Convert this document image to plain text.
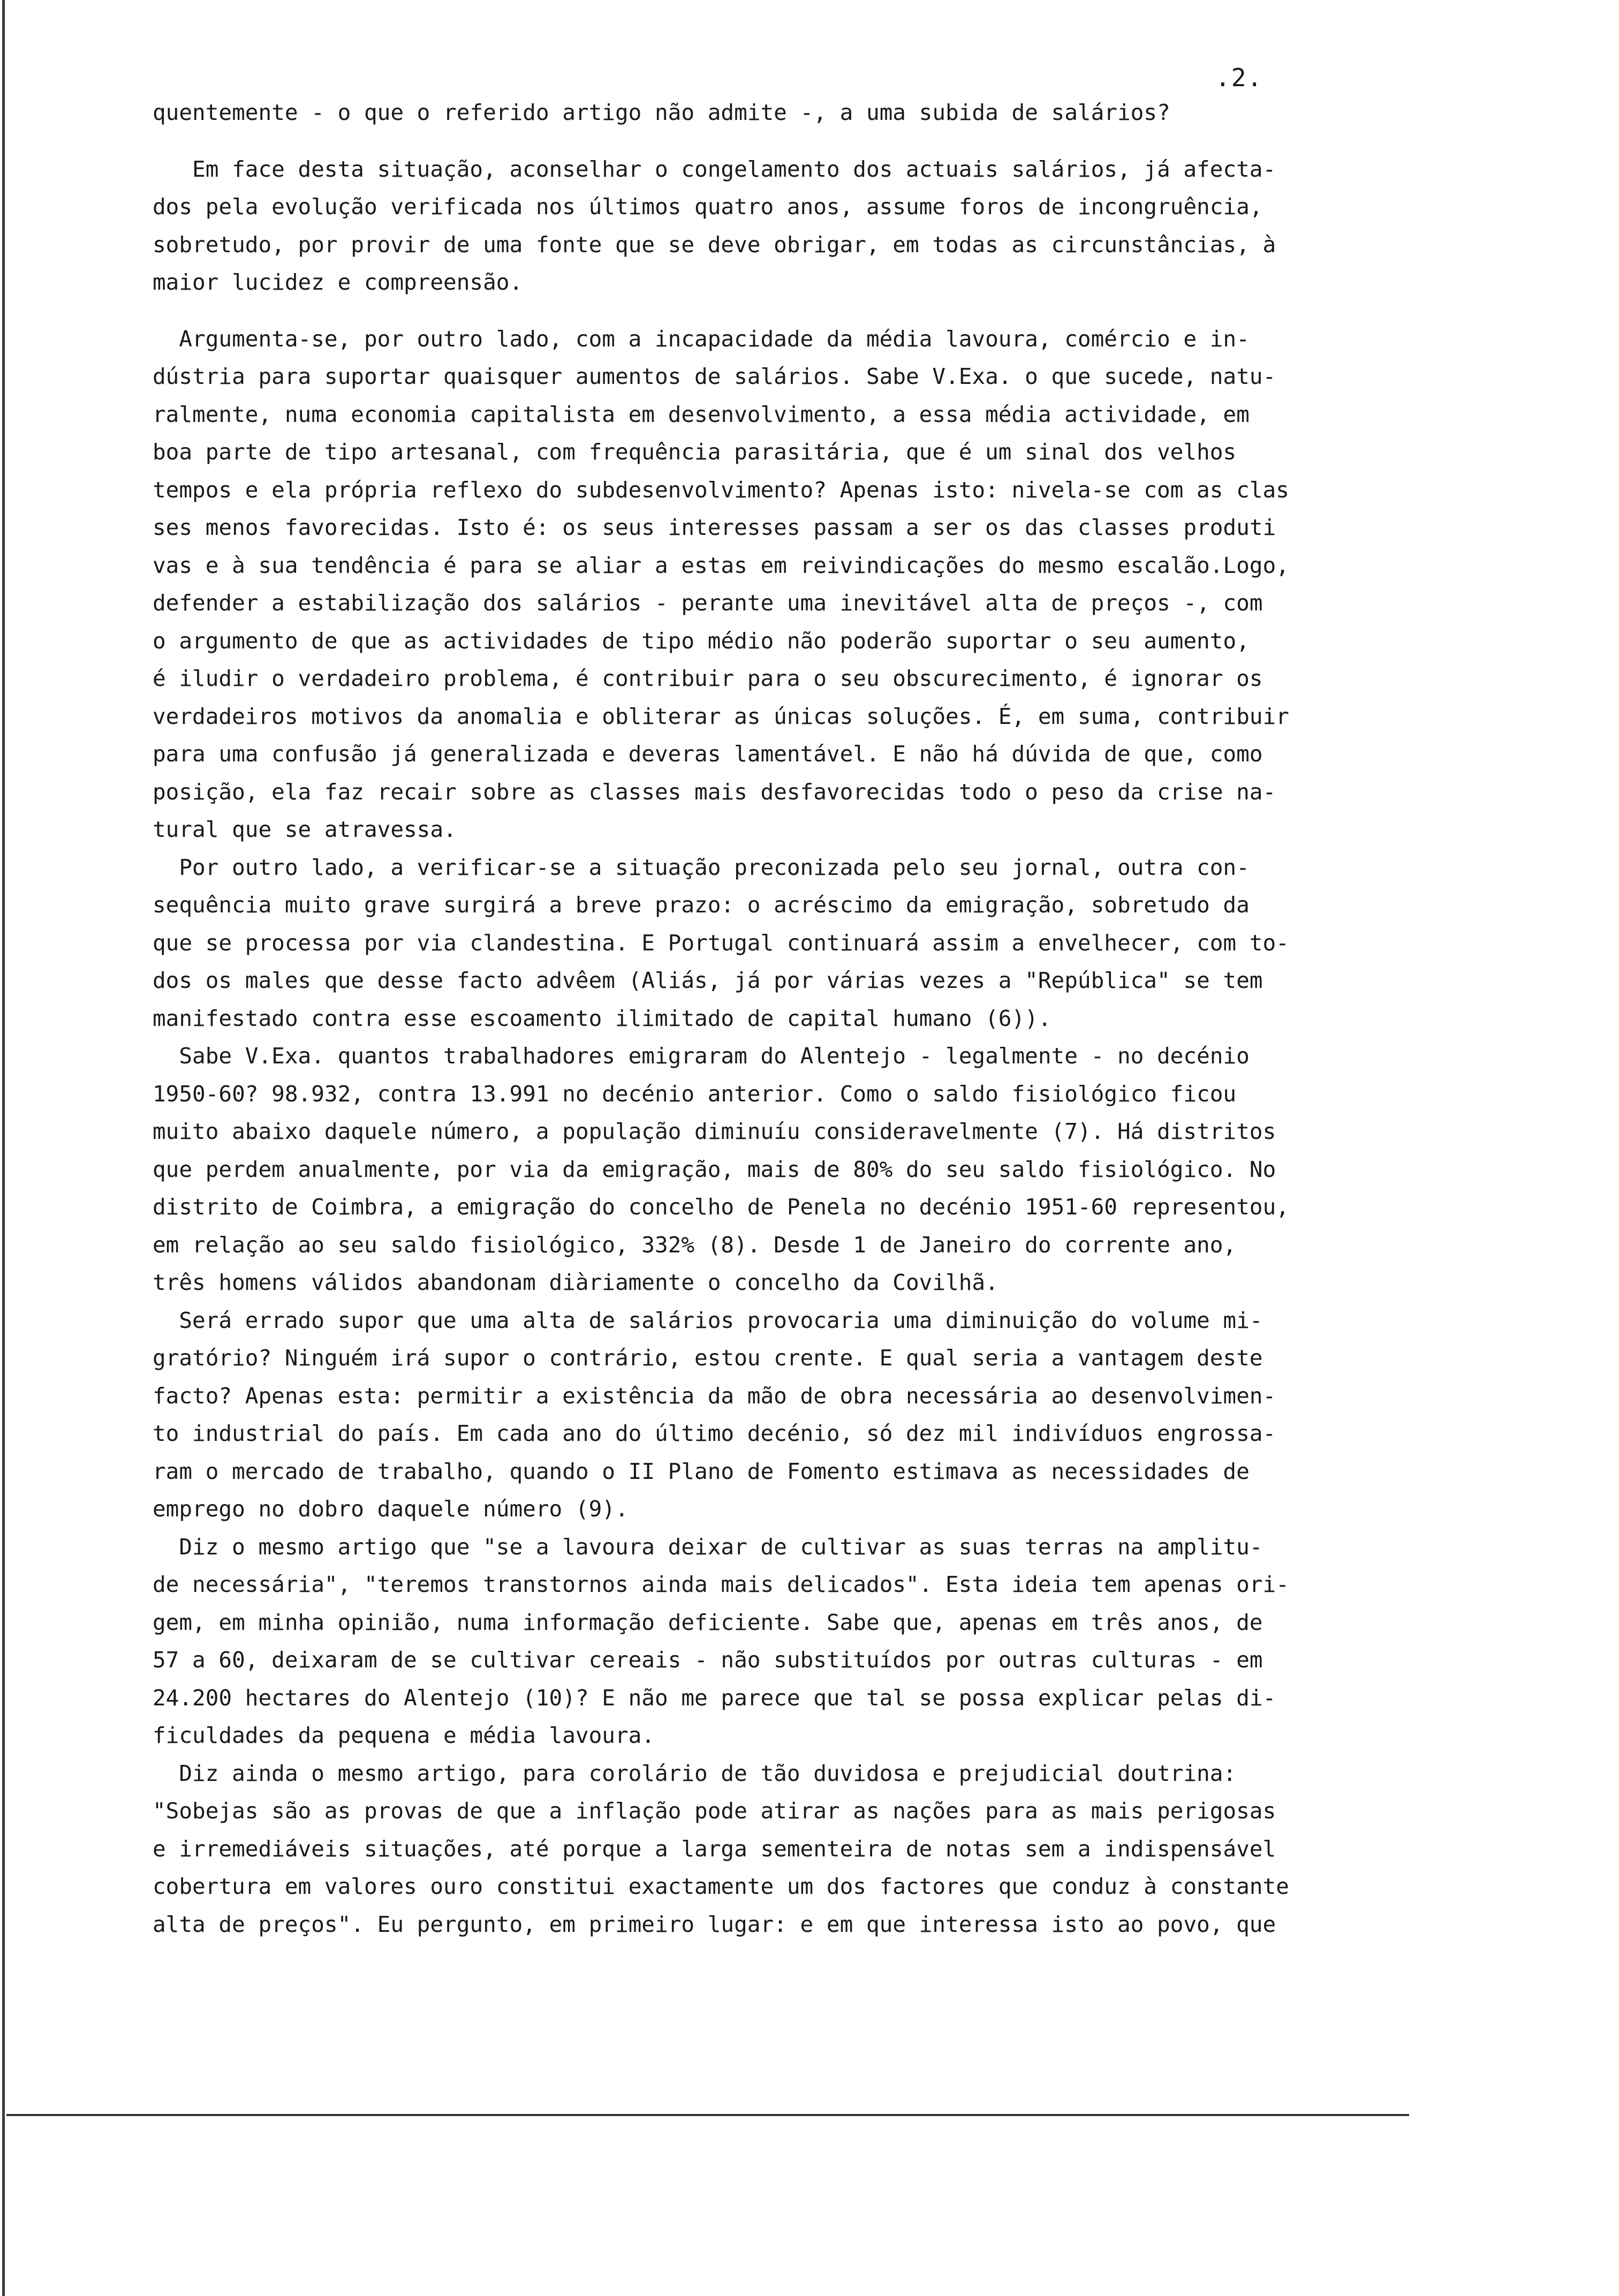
.2.
quentemente - o que o referido artigo não admite -, a uma subida de salários?
Em face desta situação, aconselhar o congelamento dos actuais salários, já afecta-
dos pela evolução verificada nos últimos quatro anos, assume foros de incongruência,
sobretudo, por provir de uma fonte que se deve obrigar, em todas as circunstâncias, à
maior lucidez e compreensão.
Argumenta-se, por outro lado, com a incapacidade da média lavoura, comércio e in-
dústria para suportar quaisquer aumentos de salários. Sabe V.Exa. o que sucede, natu-
ralmente, numa economia capitalista em desenvolvimento, a essa média actividade, em
boa parte de tipo artesanal, com frequência parasitária, que é um sinal dos velhos
tempos e ela própria reflexo do subdesenvolvimento? Apenas isto: nivela-se com as clas
ses menos favorecidas. Isto é: os seus interesses passam a ser os das classes produti
vas e à sua tendência é para se aliar a estas em reivindicações do mesmo escalão.Logo,
defender a estabilização dos salários - perante uma inevitável alta de preços -, com
o argumento de que as actividades de tipo médio não poderão suportar o seu aumento,
é iludir o verdadeiro problema, é contribuir para o seu obscurecimento, é ignorar os
verdadeiros motivos da anomalia e obliterar as únicas soluções. É, em suma, contribuir
para uma confusão já generalizada e deveras lamentável. E não há dúvida de que, como
posição, ela faz recair sobre as classes mais desfavorecidas todo o peso da crise na-
tural que se atravessa.
Por outro lado, a verificar-se a situação preconizada pelo seu jornal, outra con-
sequência muito grave surgirá a breve prazo: o acréscimo da emigração, sobretudo da
que se processa por via clandestina. E Portugal continuará assim a envelhecer, com to-
dos os males que desse facto advêem (Aliás, já por várias vezes a "República" se tem
manifestado contra esse escoamento ilimitado de capital humano (6)).
Sabe V.Exa. quantos trabalhadores emigraram do Alentejo - legalmente - no decénio
1950-60? 98.932, contra 13.991 no decénio anterior. Como o saldo fisiológico ficou
muito abaixo daquele número, a população diminuíu consideravelmente (7). Há distritos
que perdem anualmente, por via da emigração, mais de 80% do seu saldo fisiológico. No
distrito de Coimbra, a emigração do concelho de Penela no decénio 1951-60 representou,
em relação ao seu saldo fisiológico, 332% (8). Desde 1 de Janeiro do corrente ano,
três homens válidos abandonam diàriamente o concelho da Covilhã.
Será errado supor que uma alta de salários provocaria uma diminuição do volume mi-
gratório? Ninguém irá supor o contrário, estou crente. E qual seria a vantagem deste
facto? Apenas esta: permitir a existência da mão de obra necessária ao desenvolvimen-
to industrial do país. Em cada ano do último decénio, só dez mil indivíduos engrossa-
ram o mercado de trabalho, quando o II Plano de Fomento estimava as necessidades de
emprego no dobro daquele número (9).
Diz o mesmo artigo que "se a lavoura deixar de cultivar as suas terras na amplitu-
de necessária", "teremos transtornos ainda mais delicados". Esta ideia tem apenas ori-
gem, em minha opinião, numa informação deficiente. Sabe que, apenas em três anos, de
57 a 60, deixaram de se cultivar cereais - não substituídos por outras culturas - em
24.200 hectares do Alentejo (10)? E não me parece que tal se possa explicar pelas di-
ficuldades da pequena e média lavoura.
Diz ainda o mesmo artigo, para corolário de tão duvidosa e prejudicial doutrina:
"Sobejas são as provas de que a inflação pode atirar as nações para as mais perigosas
e irremediáveis situações, até porque a larga sementeira de notas sem a indispensável
cobertura em valores ouro constitui exactamente um dos factores que conduz à constante
alta de preços". Eu pergunto, em primeiro lugar: e em que interessa isto ao povo, que
